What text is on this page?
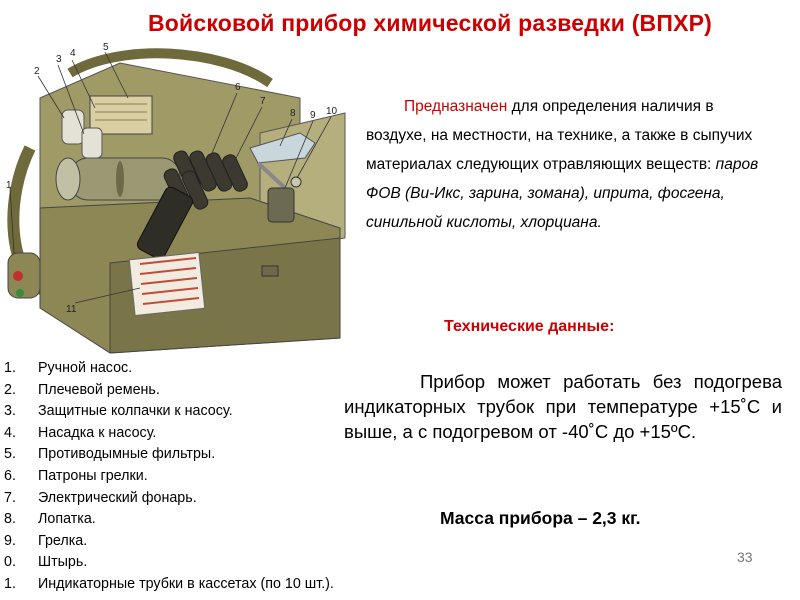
Войсковой прибор химической разведки (ВПХР)
2
3
4
5
6
7
8 9 10
1
11

Предназначен для определения наличия в воздухе, на местности, на технике, а также в сыпучих материалах следующих отравляющих веществ: паров ФОВ (Ви-Икс, зарина, зомана), иприта, фосгена, синильной кислоты, хлорциана.

Технические данные:
Прибор может работать без подогрева индикаторных трубок при температуре +15˚С и выше, а с подогревом от -40˚С до +15ºС.
Масса прибора – 2,3 кг.
1. Ручной насос.
2. Плечевой ремень.
3. Защитные колпачки к насосу.
4. Насадка к насосу.
5. Противодымные фильтры.
6. Патроны грелки.
7. Электрический фонарь.
8. Лопатка.
9. Грелка.
0. Штырь.
1. Индикаторные трубки в кассетах (по 10 шт.).
33
